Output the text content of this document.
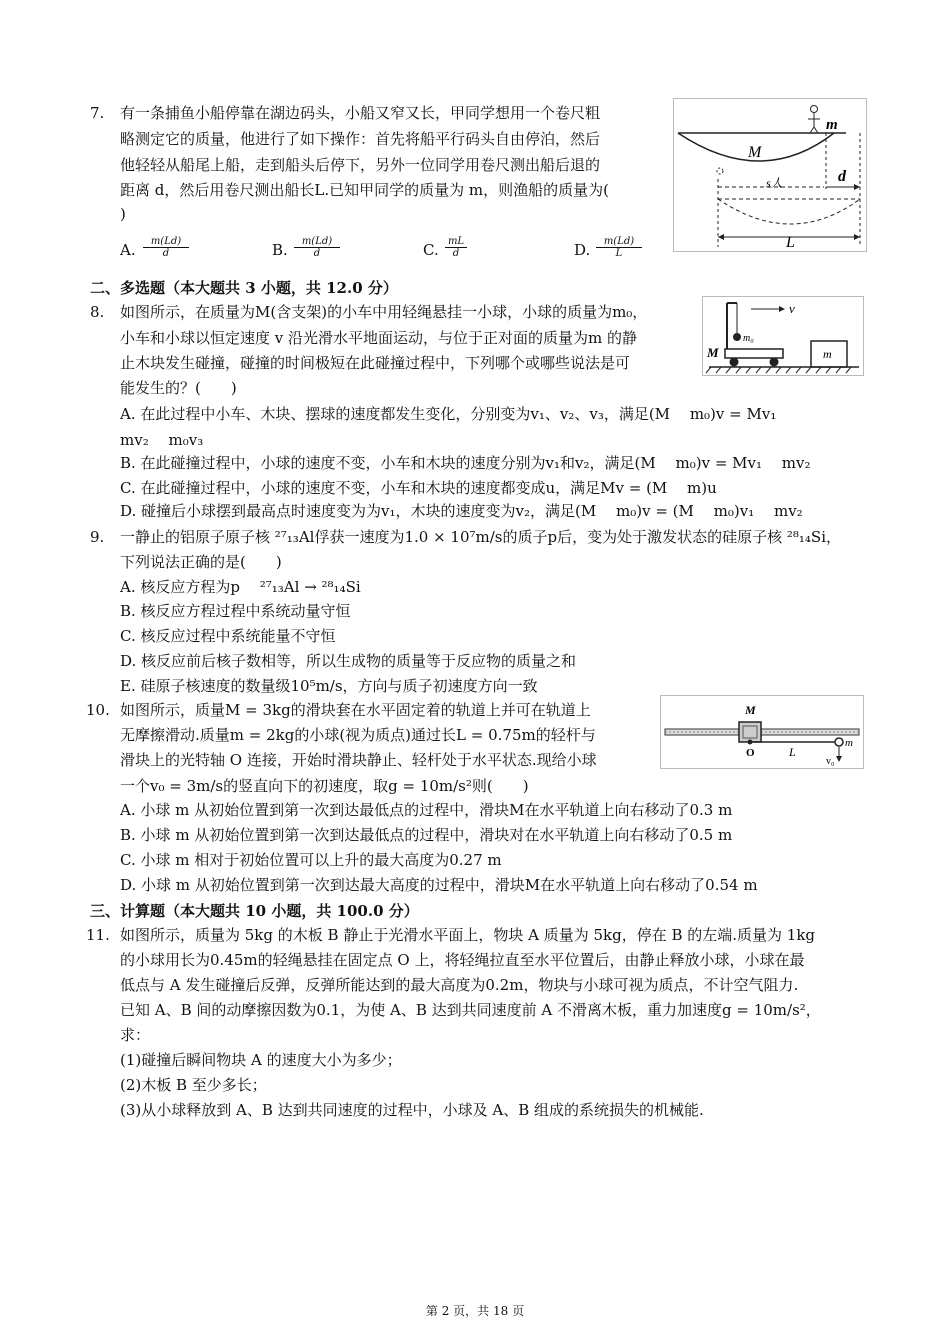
7. 有一条捕鱼小船停靠在湖边码头，小船又窄又长，甲同学想用一个卷尺粗
略测定它的质量，他进行了如下操作：首先将船平行码头自由停泊，然后
他轻轻从船尾上船，走到船头后停下，另外一位同学用卷尺测出船后退的
距离 d，然后用卷尺测出船长L.已知甲同学的质量为 m，则渔船的质量为(
)
A. $\frac{m(Ld)}{d}$	B. $\frac{m(Ld)}{d}$	C. $\frac{mL}{d}$	D. $\frac{m(Ld)}{L}$
m
M
d
s人
L
二、多选题（本大题共 3 小题，共 12.0 分）
8. 如图所示，在质量为M(含支架)的小车中用轻绳悬挂一小球，小球的质量为m₀，
小车和小球以恒定速度 v 沿光滑水平地面运动，与位于正对面的质量为m 的静
止木块发生碰撞，碰撞的时间极短在此碰撞过程中，下列哪个或哪些说法是可
能发生的？(　　)
A. 在此过程中小车、木块、摆球的速度都发生变化，分别变为v₁、v₂、v₃，满足(M　 m₀)v = Mv₁
mv₂　 m₀v₃
B. 在此碰撞过程中，小球的速度不变，小车和木块的速度分别为v₁和v₂，满足(M　 m₀)v = Mv₁　 mv₂
C. 在此碰撞过程中，小球的速度不变，小车和木块的速度都变成u，满足Mv = (M　 m)u
D. 碰撞后小球摆到最高点时速度变为为v₁，木块的速度变为v₂，满足(M　 m₀)v = (M　 m₀)v₁　 mv₂
m₀
v
M	m
9. 一静止的铝原子原子核 ²⁷₁₃Al俘获一速度为1.0 × 10⁷m/s的质子p后，变为处于激发状态的硅原子核 ²⁸₁₄Si，
下列说法正确的是(　　)
A. 核反应方程为p　 ²⁷₁₃Al → ²⁸₁₄Si
B. 核反应方程过程中系统动量守恒
C. 核反应过程中系统能量不守恒
D. 核反应前后核子数相等，所以生成物的质量等于反应物的质量之和
E. 硅原子核速度的数量级10⁵m/s，方向与质子初速度方向一致
10. 如图所示，质量M = 3kg的滑块套在水平固定着的轨道上并可在轨道上
无摩擦滑动.质量m = 2kg的小球(视为质点)通过长L = 0.75m的轻杆与
滑块上的光特轴 O 连接，开始时滑块静止、轻杆处于水平状态.现给小球
一个v₀ = 3m/s的竖直向下的初速度，取g = 10m/s²则(　　)
A. 小球 m 从初始位置到第一次到达最低点的过程中，滑块M在水平轨道上向右移动了0.3 m
B. 小球 m 从初始位置到第一次到达最低点的过程中，滑块对在水平轨道上向右移动了0.5 m
C. 小球 m 相对于初始位置可以上升的最大高度为0.27 m
D. 小球 m 从初始位置到第一次到达最大高度的过程中，滑块M在水平轨道上向右移动了0.54 m
M
O	L
m
v₀
三、计算题（本大题共 10 小题，共 100.0 分）
11. 如图所示，质量为 5kg 的木板 B 静止于光滑水平面上，物块 A 质量为 5kg，停在 B 的左端.质量为 1kg
的小球用长为0.45m的轻绳悬挂在固定点 O 上，将轻绳拉直至水平位置后，由静止释放小球，小球在最
低点与 A 发生碰撞后反弹，反弹所能达到的最大高度为0.2m，物块与小球可视为质点，不计空气阻力.
已知 A、B 间的动摩擦因数为0.1，为使 A、B 达到共同速度前 A 不滑离木板，重力加速度g = 10m/s²，
求：
(1)碰撞后瞬间物块 A 的速度大小为多少；
(2)木板 B 至少多长；
(3)从小球释放到 A、B 达到共同速度的过程中，小球及 A、B 组成的系统损失的机械能.
第 2 页，共 18 页
